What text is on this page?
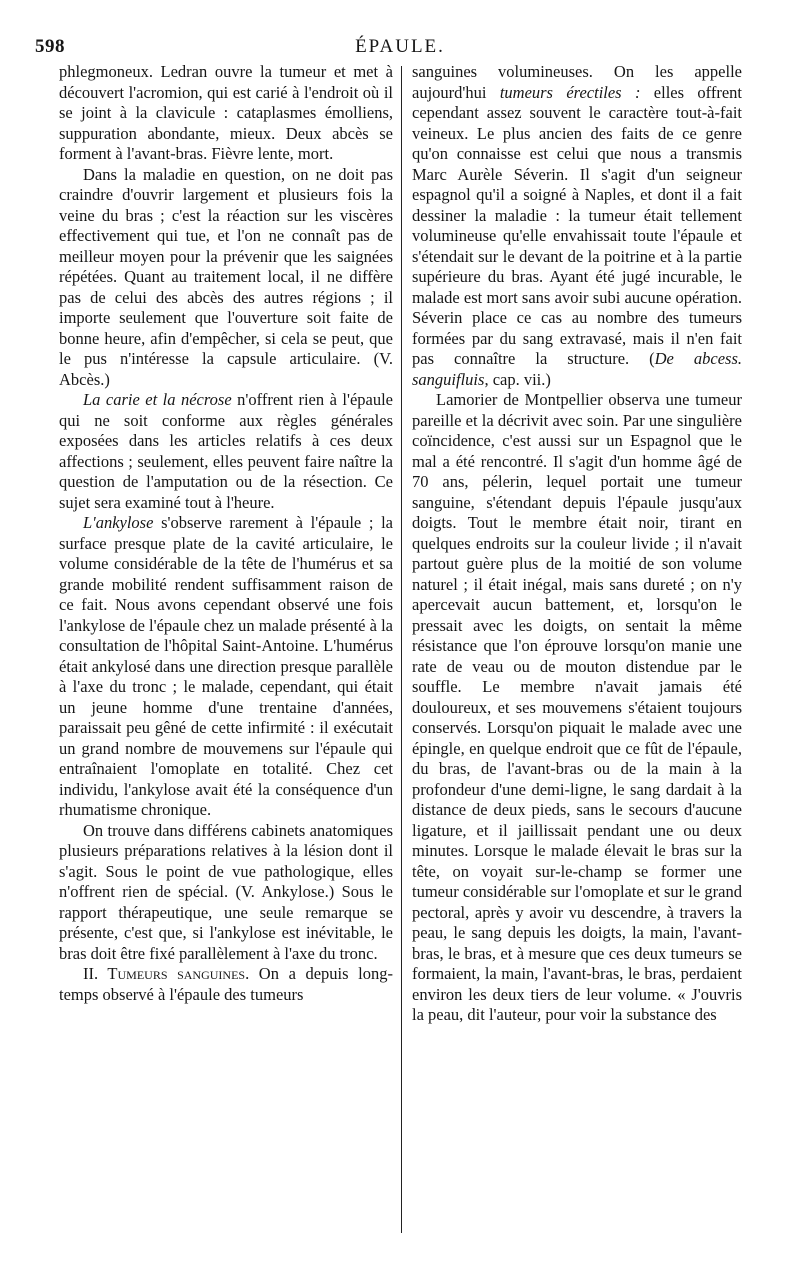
598	ÉPAULE.

phlegmoneux. Ledran ouvre la tumeur et met à découvert l'acromion, qui est carié à l'endroit où il se joint à la clavicule : cataplasmes émolliens, suppuration abondante, mieux. Deux abcès se forment à l'avant-bras. Fièvre lente, mort.

Dans la maladie en question, on ne doit pas craindre d'ouvrir largement et plusieurs fois la veine du bras ; c'est la réaction sur les viscères effectivement qui tue, et l'on ne connaît pas de meilleur moyen pour la prévenir que les saignées répétées. Quant au traitement local, il ne diffère pas de celui des abcès des autres régions ; il importe seulement que l'ouverture soit faite de bonne heure, afin d'empêcher, si cela se peut, que le pus n'intéresse la capsule articulaire. (V. Abcès.)

La carie et la nécrose n'offrent rien à l'épaule qui ne soit conforme aux règles générales exposées dans les articles relatifs à ces deux affections ; seulement, elles peuvent faire naître la question de l'amputation ou de la résection. Ce sujet sera examiné tout à l'heure.

L'ankylose s'observe rarement à l'épaule ; la surface presque plate de la cavité articulaire, le volume considérable de la tête de l'humérus et sa grande mobilité rendent suffisamment raison de ce fait. Nous avons cependant observé une fois l'ankylose de l'épaule chez un malade présenté à la consultation de l'hôpital Saint-Antoine. L'humérus était ankylosé dans une direction presque parallèle à l'axe du tronc ; le malade, cependant, qui était un jeune homme d'une trentaine d'années, paraissait peu gêné de cette infirmité : il exécutait un grand nombre de mouvemens sur l'épaule qui entraînaient l'omoplate en totalité. Chez cet individu, l'ankylose avait été la conséquence d'un rhumatisme chronique.

On trouve dans différens cabinets anatomiques plusieurs préparations relatives à la lésion dont il s'agit. Sous le point de vue pathologique, elles n'offrent rien de spécial. (V. Ankylose.) Sous le rapport thérapeutique, une seule remarque se présente, c'est que, si l'ankylose est inévitable, le bras doit être fixé parallèlement à l'axe du tronc.

II. Tumeurs sanguines. On a depuis long-temps observé à l'épaule des tumeurs

sanguines volumineuses. On les appelle aujourd'hui tumeurs érectiles : elles offrent cependant assez souvent le caractère tout-à-fait veineux. Le plus ancien des faits de ce genre qu'on connaisse est celui que nous a transmis Marc Aurèle Séverin. Il s'agit d'un seigneur espagnol qu'il a soigné à Naples, et dont il a fait dessiner la maladie : la tumeur était tellement volumineuse qu'elle envahissait toute l'épaule et s'étendait sur le devant de la poitrine et à la partie supérieure du bras. Ayant été jugé incurable, le malade est mort sans avoir subi aucune opération. Séverin place ce cas au nombre des tumeurs formées par du sang extravasé, mais il n'en fait pas connaître la structure. (De abcess. sanguifluis, cap. vii.)

Lamorier de Montpellier observa une tumeur pareille et la décrivit avec soin. Par une singulière coïncidence, c'est aussi sur un Espagnol que le mal a été rencontré. Il s'agit d'un homme âgé de 70 ans, pélerin, lequel portait une tumeur sanguine, s'étendant depuis l'épaule jusqu'aux doigts. Tout le membre était noir, tirant en quelques endroits sur la couleur livide ; il n'avait partout guère plus de la moitié de son volume naturel ; il était inégal, mais sans dureté ; on n'y apercevait aucun battement, et, lorsqu'on le pressait avec les doigts, on sentait la même résistance que l'on éprouve lorsqu'on manie une rate de veau ou de mouton distendue par le souffle. Le membre n'avait jamais été douloureux, et ses mouvemens s'étaient toujours conservés. Lorsqu'on piquait le malade avec une épingle, en quelque endroit que ce fût de l'épaule, du bras, de l'avant-bras ou de la main à la profondeur d'une demi-ligne, le sang dardait à la distance de deux pieds, sans le secours d'aucune ligature, et il jaillissait pendant une ou deux minutes. Lorsque le malade élevait le bras sur la tête, on voyait sur-le-champ se former une tumeur considérable sur l'omoplate et sur le grand pectoral, après y avoir vu descendre, à travers la peau, le sang depuis les doigts, la main, l'avant-bras, le bras, et à mesure que ces deux tumeurs se formaient, la main, l'avant-bras, le bras, perdaient environ les deux tiers de leur volume. « J'ouvris la peau, dit l'auteur, pour voir la substance des
